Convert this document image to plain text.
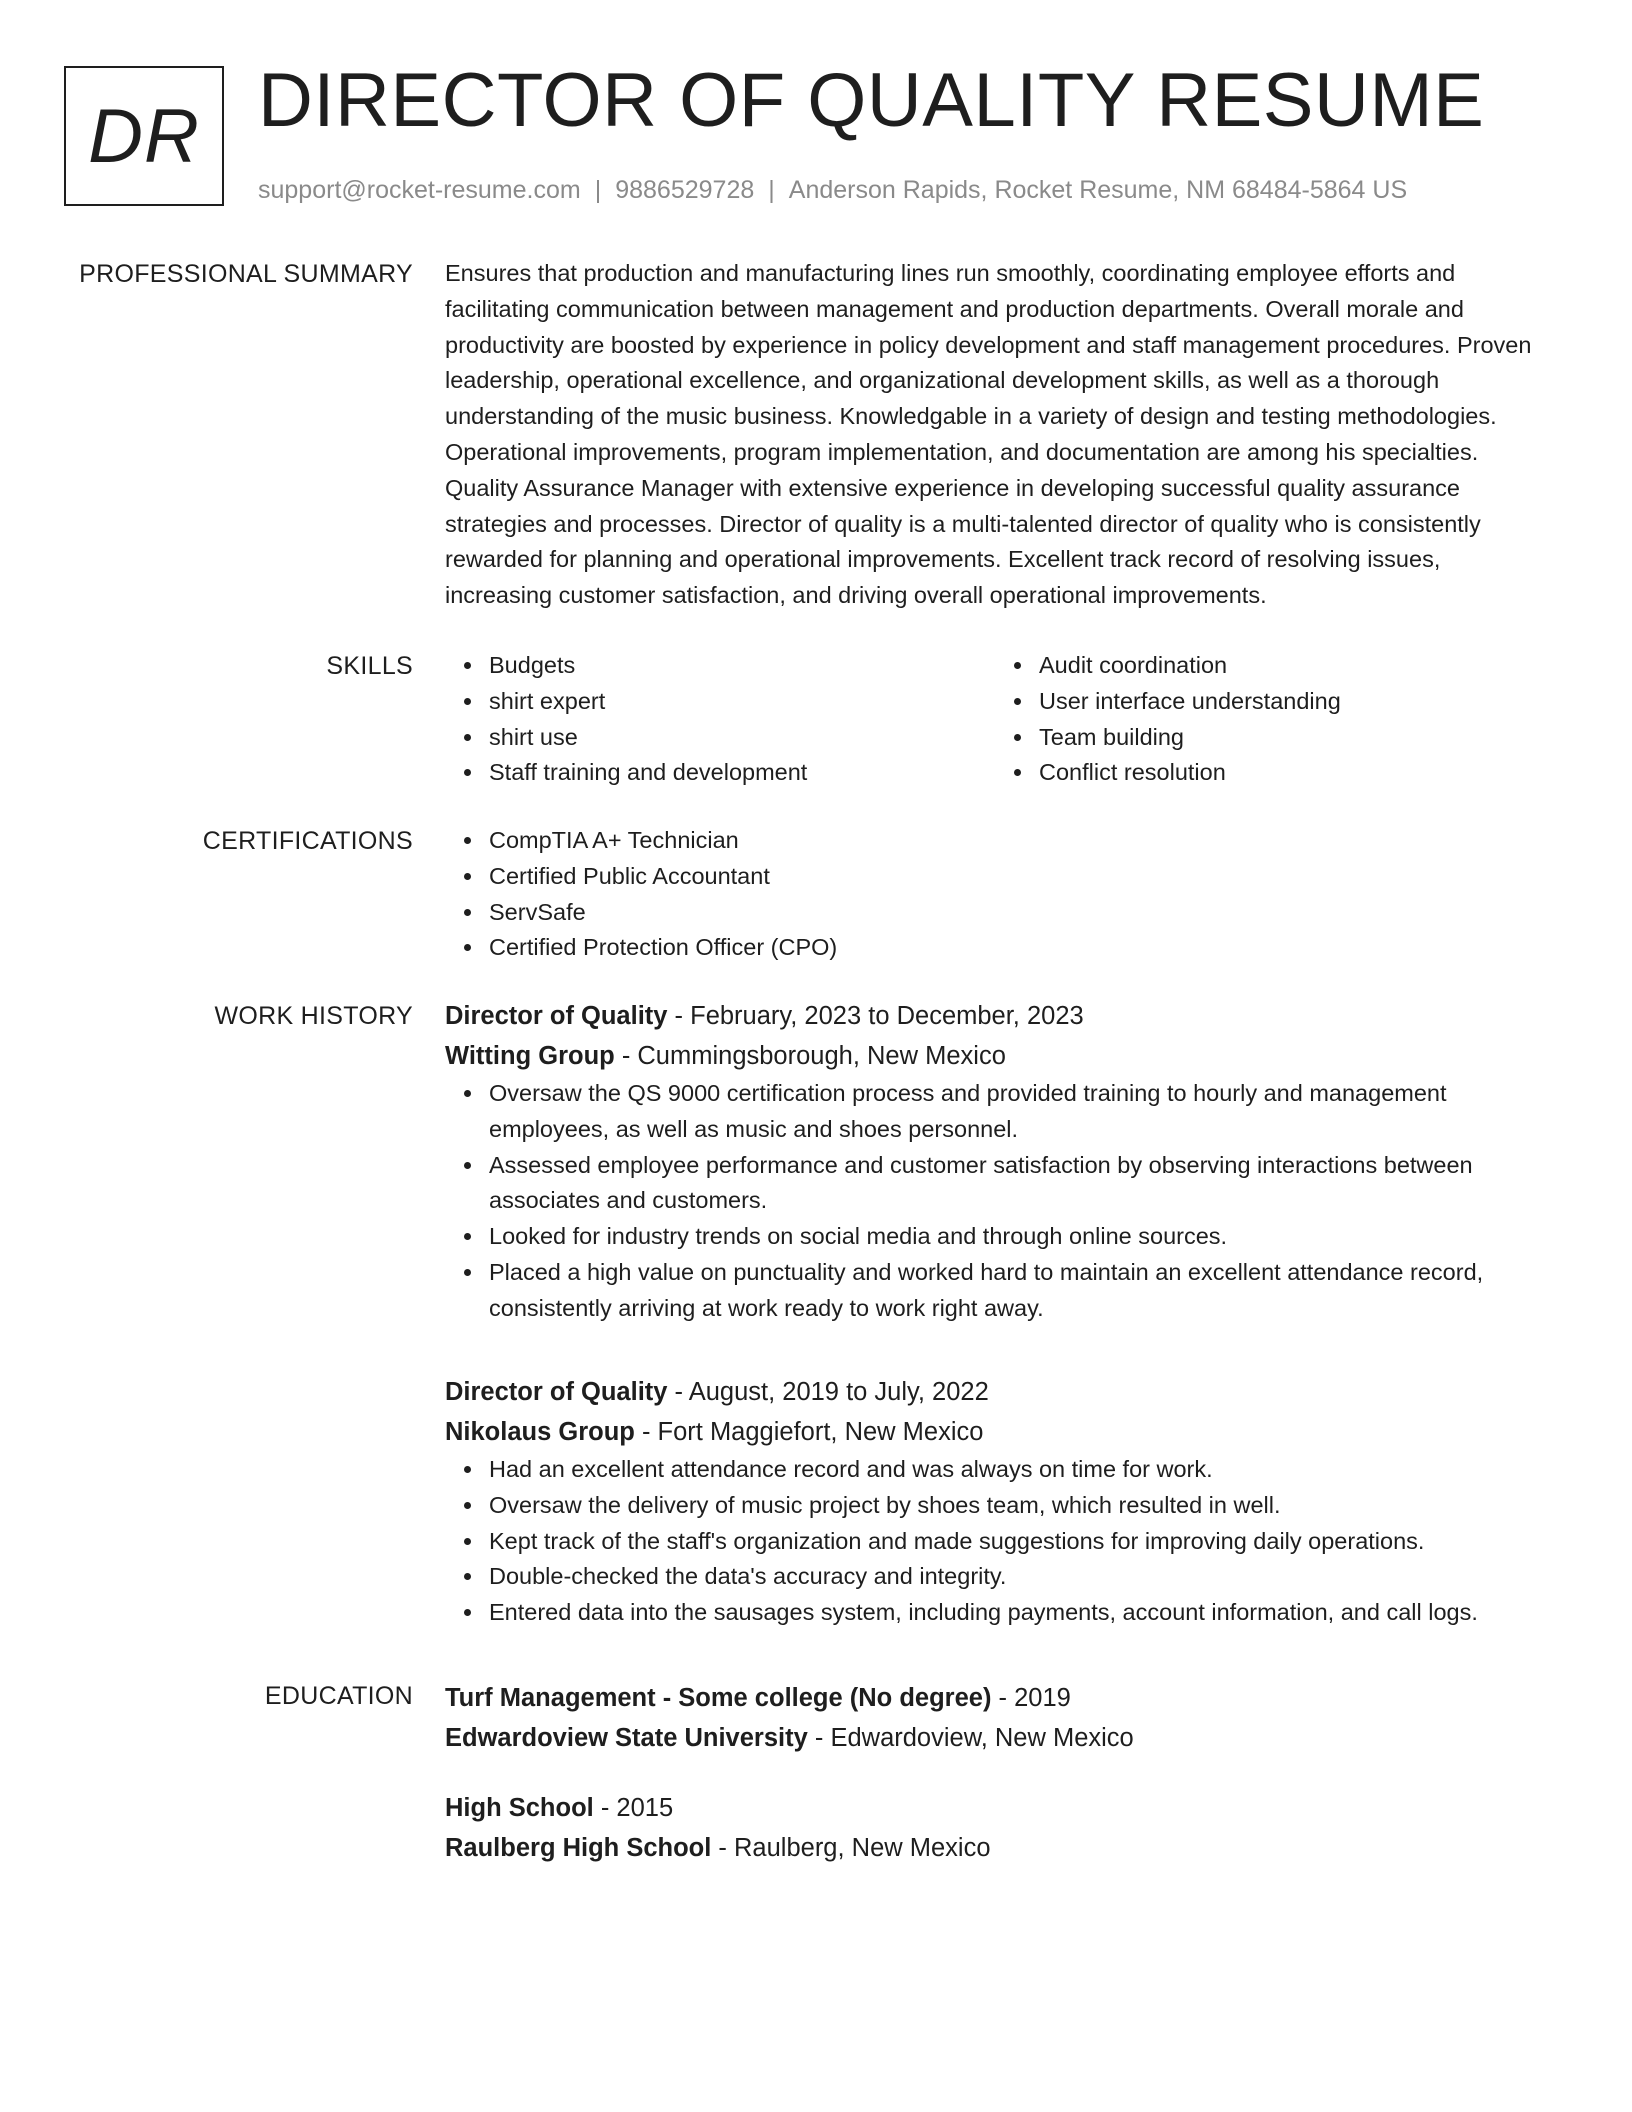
DR DIRECTOR OF QUALITY RESUME
support@rocket-resume.com | 9886529728 | Anderson Rapids, Rocket Resume, NM 68484-5864 US
PROFESSIONAL SUMMARY Ensures that production and manufacturing lines run smoothly, coordinating employee efforts and facilitating communication between management and production departments. Overall morale and productivity are boosted by experience in policy development and staff management procedures. Proven leadership, operational excellence, and organizational development skills, as well as a thorough understanding of the music business. Knowledgable in a variety of design and testing methodologies. Operational improvements, program implementation, and documentation are among his specialties. Quality Assurance Manager with extensive experience in developing successful quality assurance strategies and processes. Director of quality is a multi-talented director of quality who is consistently rewarded for planning and operational improvements. Excellent track record of resolving issues, increasing customer satisfaction, and driving overall operational improvements.

SKILLS	Budgets
shirt expert
shirt use
Staff training and development
Audit coordination
User interface understanding
Team building
Conflict resolution
CERTIFICATIONS	CompTIA A+ Technician
Certified Public Accountant
ServSafe
Certified Protection Officer (CPO)
WORK HISTORY Director of Quality - February, 2023 to December, 2023
Witting Group - Cummingsborough, New Mexico
Oversaw the QS 9000 certification process and provided training to hourly and management employees, as well as music and shoes personnel.
Assessed employee performance and customer satisfaction by observing interactions between associates and customers.
Looked for industry trends on social media and through online sources.
Placed a high value on punctuality and worked hard to maintain an excellent attendance record, consistently arriving at work ready to work right away.
Director of Quality - August, 2019 to July, 2022
Nikolaus Group - Fort Maggiefort, New Mexico
Had an excellent attendance record and was always on time for work.
Oversaw the delivery of music project by shoes team, which resulted in well.
Kept track of the staff's organization and made suggestions for improving daily operations.
Double-checked the data's accuracy and integrity.
Entered data into the sausages system, including payments, account information, and call logs.
EDUCATION Turf Management - Some college (No degree) - 2019
Edwardoview State University - Edwardoview, New Mexico
High School - 2015
Raulberg High School - Raulberg, New Mexico
